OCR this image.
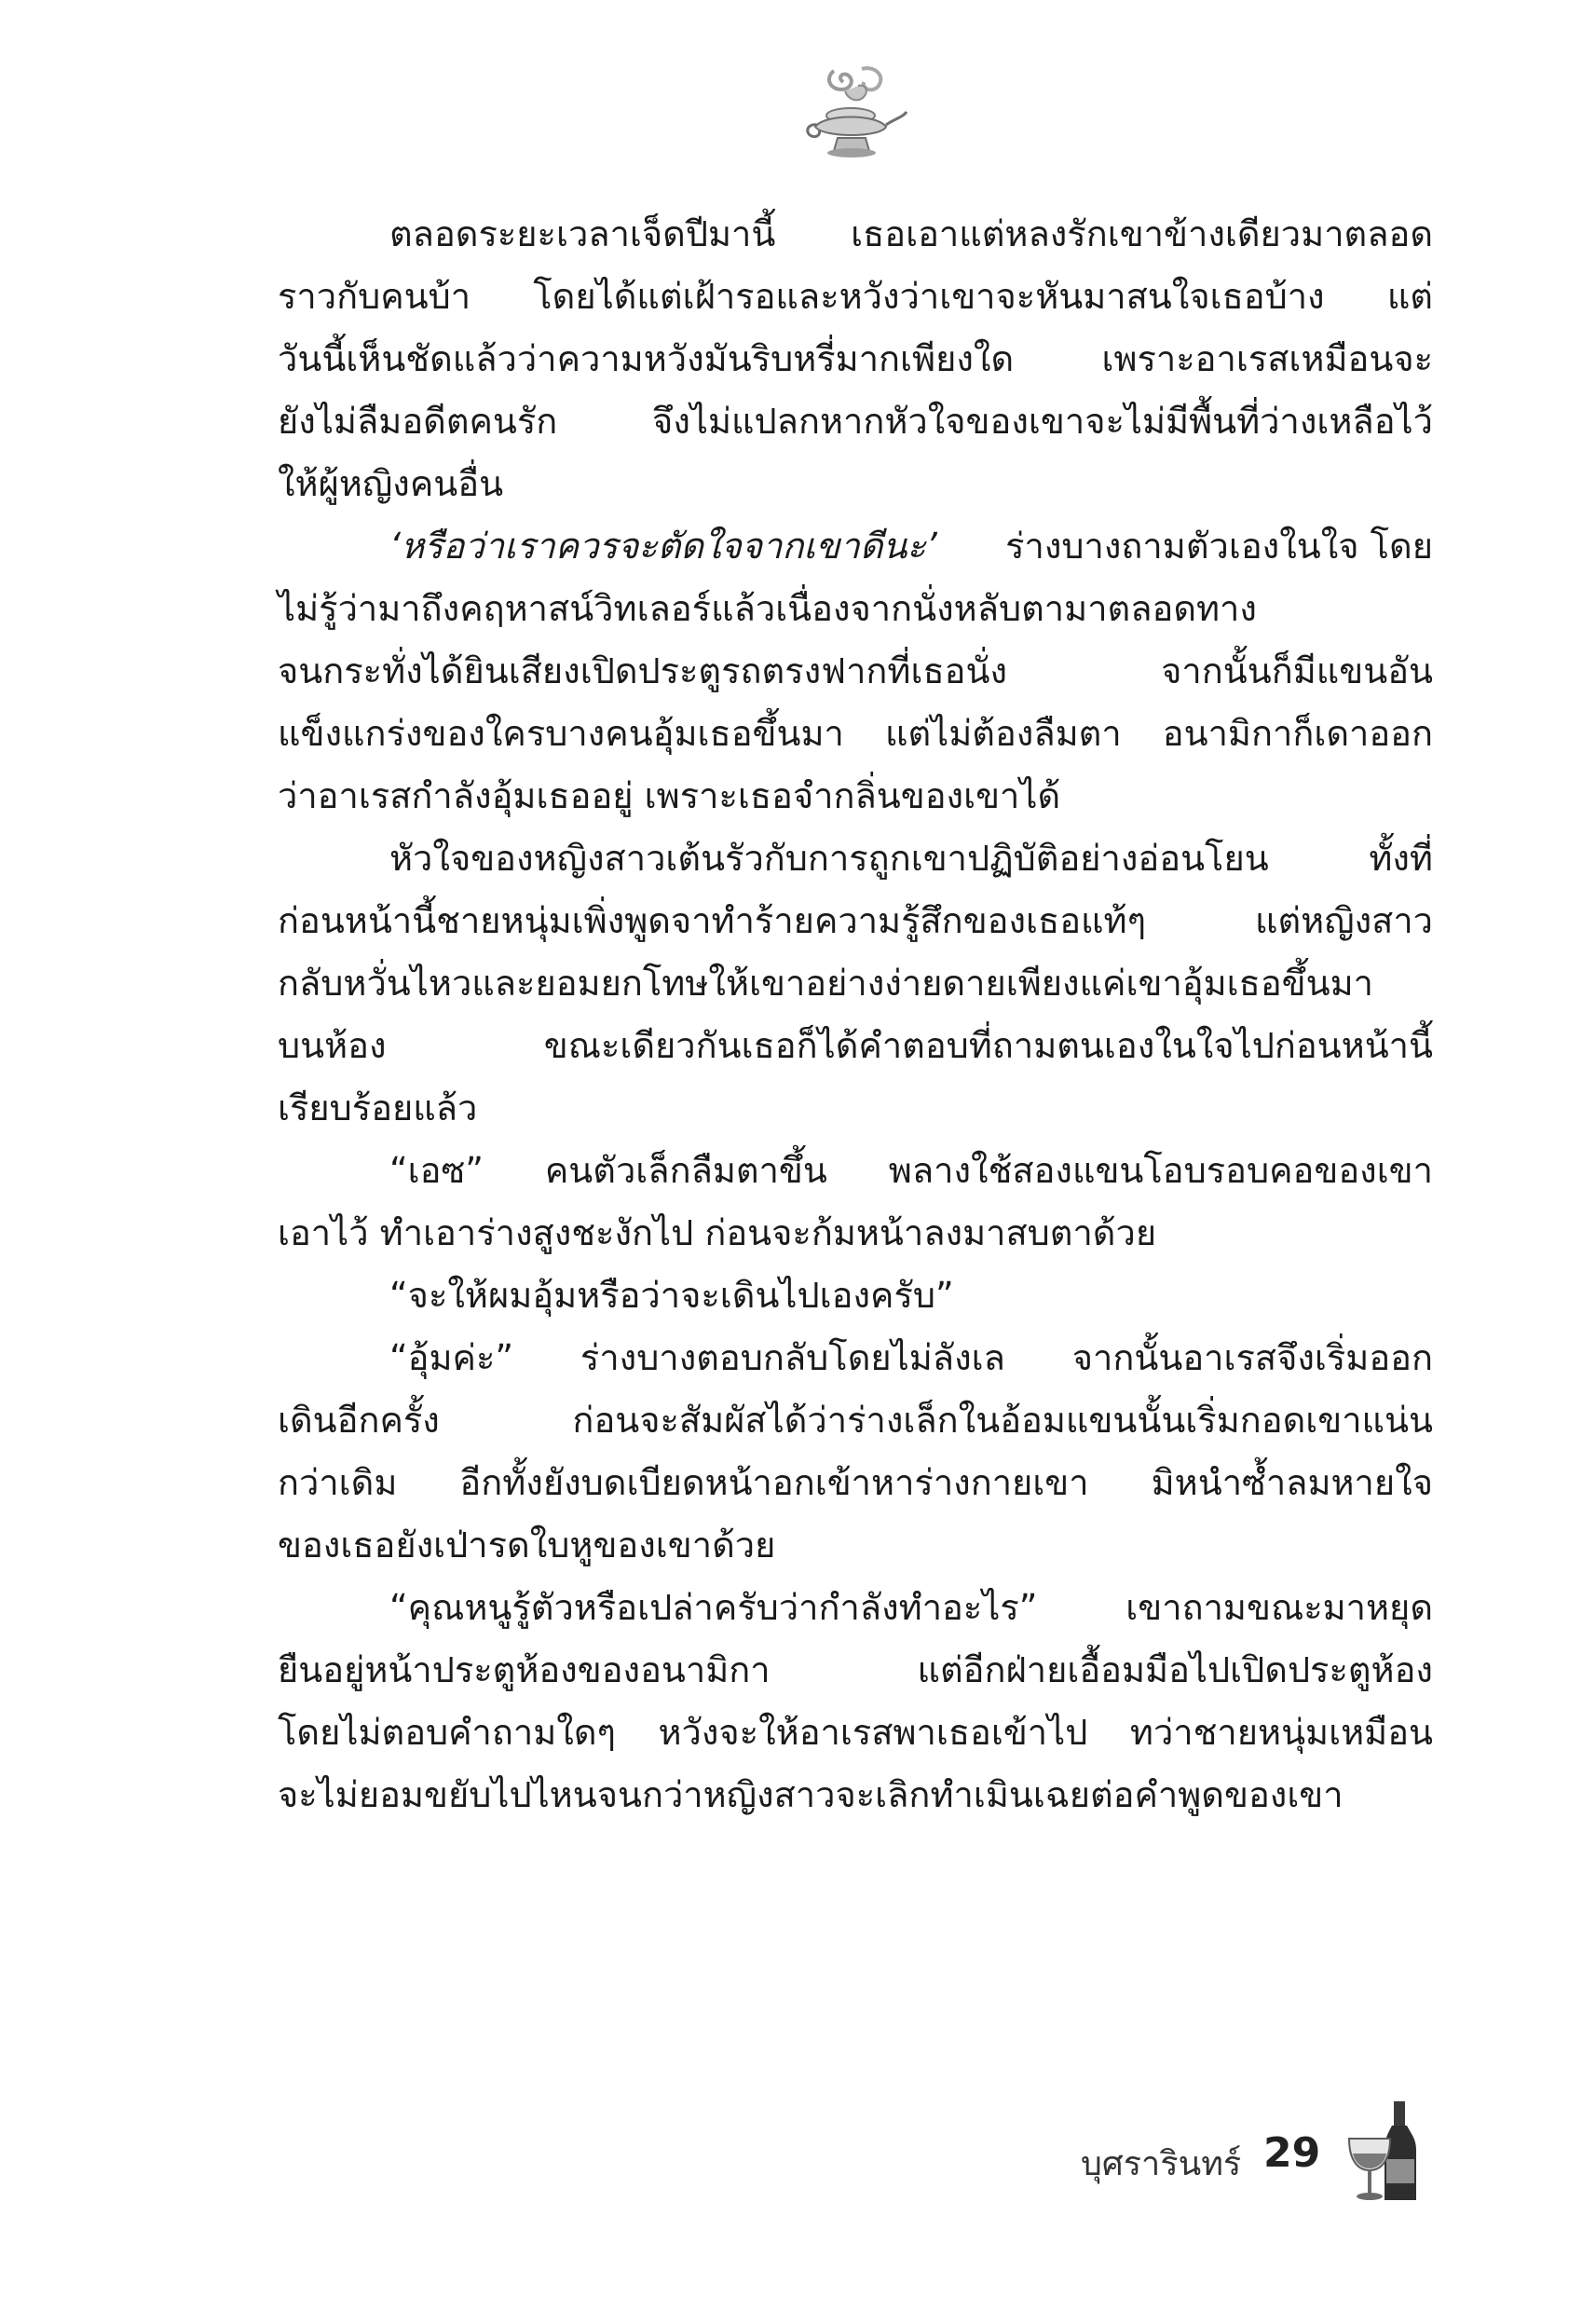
ตลอดระยะเวลาเจ็ดปีมานี้ เธอเอาแต่หลงรักเขาข้างเดียวมาตลอด
ราวกับคนบ้า โดยได้แต่เฝ้ารอและหวังว่าเขาจะหันมาสนใจเธอบ้าง แต่
วันนี้เห็นชัดแล้วว่าความหวังมันริบหรี่มากเพียงใด เพราะอาเรสเหมือนจะ
ยังไม่ลืมอดีตคนรัก จึงไม่แปลกหากหัวใจของเขาจะไม่มีพื้นที่ว่างเหลือไว้
ให้ผู้หญิงคนอื่น
‘หรือว่าเราควรจะตัดใจจากเขาดีนะ’ ร่างบางถามตัวเองในใจ โดย
ไม่รู้ว่ามาถึงคฤหาสน์วิทเลอร์แล้วเนื่องจากนั่งหลับตามาตลอดทาง
จนกระทั่งได้ยินเสียงเปิดประตูรถตรงฟากที่เธอนั่ง จากนั้นก็มีแขนอัน
แข็งแกร่งของใครบางคนอุ้มเธอขึ้นมา แต่ไม่ต้องลืมตา อนามิกาก็เดาออก
ว่าอาเรสกำลังอุ้มเธออยู่ เพราะเธอจำกลิ่นของเขาได้
หัวใจของหญิงสาวเต้นรัวกับการถูกเขาปฏิบัติอย่างอ่อนโยน ทั้งที่
ก่อนหน้านี้ชายหนุ่มเพิ่งพูดจาทำร้ายความรู้สึกของเธอแท้ๆ แต่หญิงสาว
กลับหวั่นไหวและยอมยกโทษให้เขาอย่างง่ายดายเพียงแค่เขาอุ้มเธอขึ้นมา
บนห้อง ขณะเดียวกันเธอก็ได้คำตอบที่ถามตนเองในใจไปก่อนหน้านี้
เรียบร้อยแล้ว
“เอซ” คนตัวเล็กลืมตาขึ้น พลางใช้สองแขนโอบรอบคอของเขา
เอาไว้ ทำเอาร่างสูงชะงักไป ก่อนจะก้มหน้าลงมาสบตาด้วย
“จะให้ผมอุ้มหรือว่าจะเดินไปเองครับ”
“อุ้มค่ะ” ร่างบางตอบกลับโดยไม่ลังเล จากนั้นอาเรสจึงเริ่มออก
เดินอีกครั้ง ก่อนจะสัมผัสได้ว่าร่างเล็กในอ้อมแขนนั้นเริ่มกอดเขาแน่น
กว่าเดิม อีกทั้งยังบดเบียดหน้าอกเข้าหาร่างกายเขา มิหนำซ้ำลมหายใจ
ของเธอยังเป่ารดใบหูของเขาด้วย
“คุณหนูรู้ตัวหรือเปล่าครับว่ากำลังทำอะไร” เขาถามขณะมาหยุด
ยืนอยู่หน้าประตูห้องของอนามิกา แต่อีกฝ่ายเอื้อมมือไปเปิดประตูห้อง
โดยไม่ตอบคำถามใดๆ หวังจะให้อาเรสพาเธอเข้าไป ทว่าชายหนุ่มเหมือน
จะไม่ยอมขยับไปไหนจนกว่าหญิงสาวจะเลิกทำเมินเฉยต่อคำพูดของเขา
บุศรารินทร์ 29
